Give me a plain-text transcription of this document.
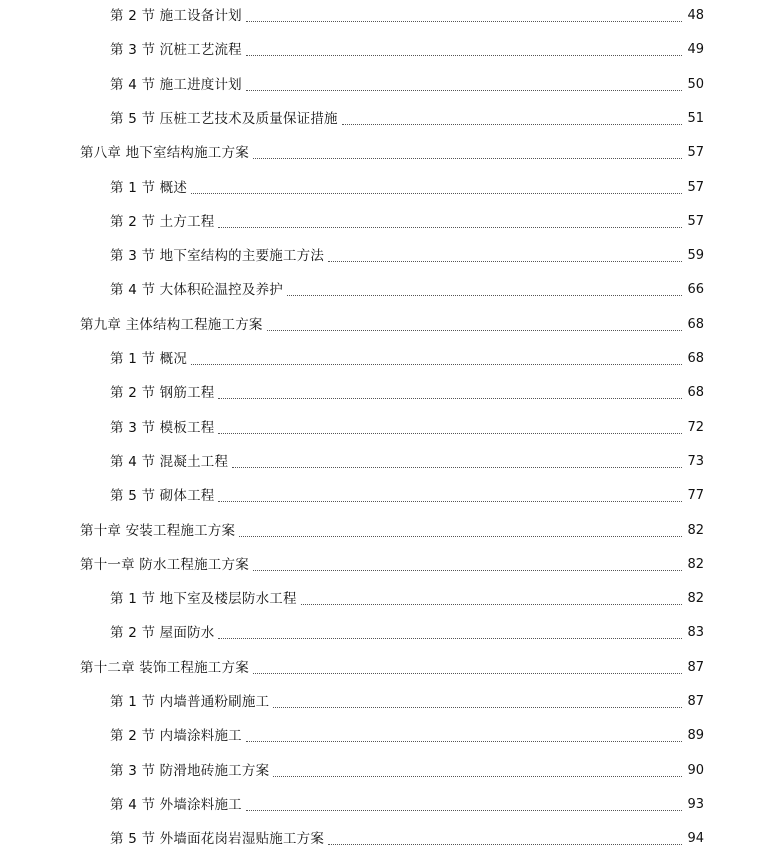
第 2 节 施工设备计划	48
第 3 节 沉桩工艺流程	49
第 4 节 施工进度计划	50
第 5 节 压桩工艺技术及质量保证措施	51
第八章 地下室结构施工方案	57
第 1 节 概述	57
第 2 节 土方工程	57
第 3 节 地下室结构的主要施工方法	59
第 4 节 大体积砼温控及养护	66
第九章 主体结构工程施工方案	68
第 1 节 概况	68
第 2 节 钢筋工程	68
第 3 节 模板工程	72
第 4 节 混凝土工程	73
第 5 节 砌体工程	77
第十章 安装工程施工方案	82
第十一章 防水工程施工方案	82
第 1 节 地下室及楼层防水工程	82
第 2 节 屋面防水	83
第十二章 装饰工程施工方案	87
第 1 节 内墙普通粉刷施工	87
第 2 节 内墙涂料施工	89
第 3 节 防滑地砖施工方案	90
第 4 节 外墙涂料施工	93
第 5 节 外墙面花岗岩湿贴施工方案	94
